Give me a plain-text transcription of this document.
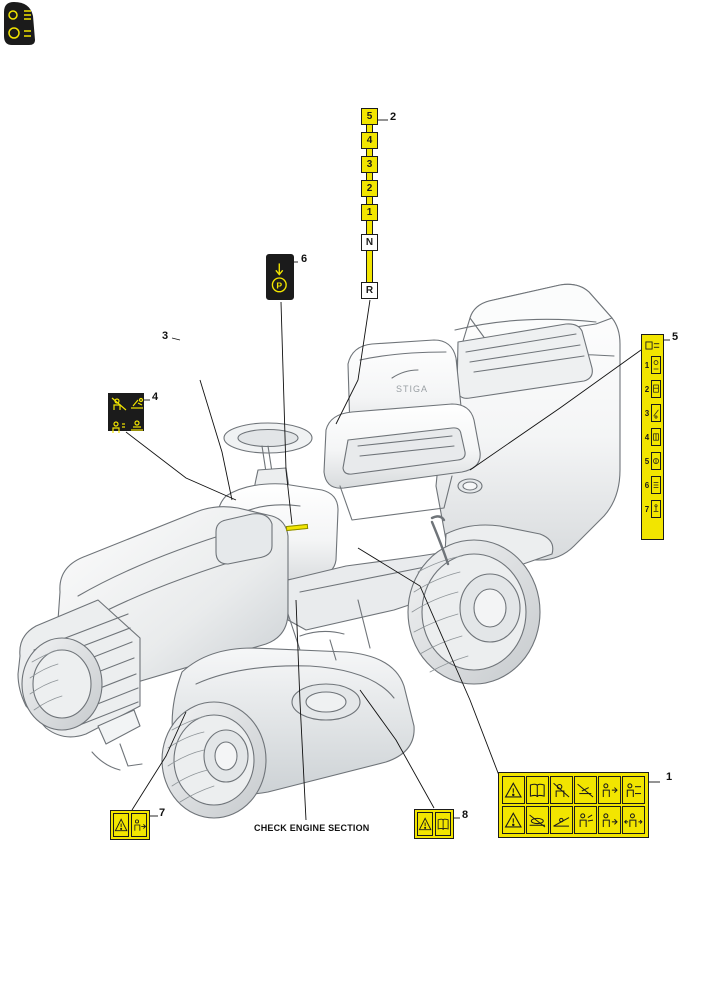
STIGA
5
4
3
2
1
N
R
P
1
2
3
4
5
6
7
1
2
3
4
5
6
7	8
CHECK ENGINE SECTION
